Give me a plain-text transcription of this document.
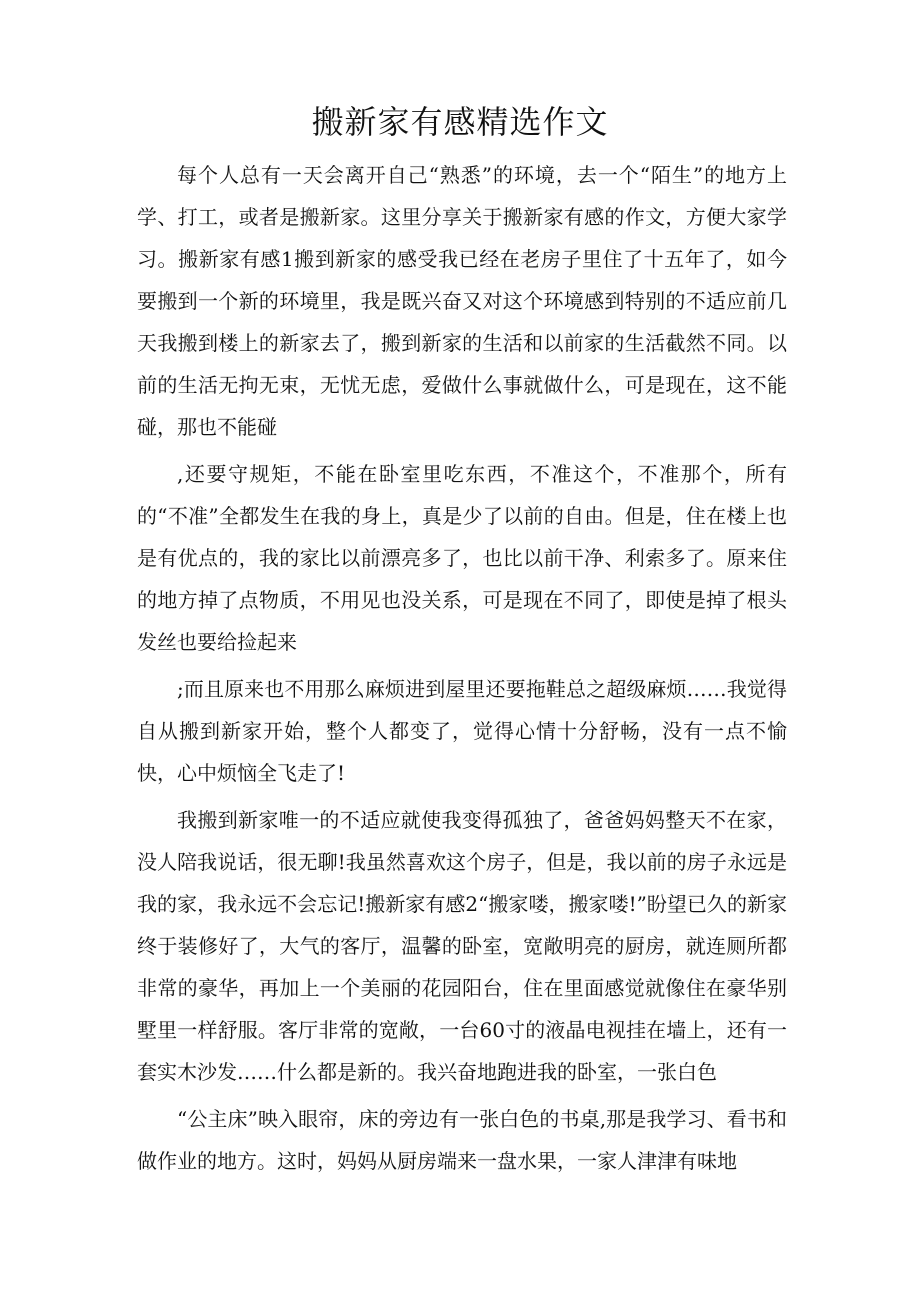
搬新家有感精选作文

每个人总有一天会离开自己“熟悉”的环境，去一个“陌生”的地方上学、打工，或者是搬新家。这里分享关于搬新家有感的作文，方便大家学习。搬新家有感1搬到新家的感受我已经在老房子里住了十五年了，如今要搬到一个新的环境里，我是既兴奋又对这个环境感到特别的不适应前几天我搬到楼上的新家去了，搬到新家的生活和以前家的生活截然不同。以前的生活无拘无束，无忧无虑，爱做什么事就做什么，可是现在，这不能碰，那也不能碰

,还要守规矩，不能在卧室里吃东西，不准这个，不准那个，所有的“不准”全都发生在我的身上，真是少了以前的自由。但是，住在楼上也是有优点的，我的家比以前漂亮多了，也比以前干净、利索多了。原来住的地方掉了点物质，不用见也没关系，可是现在不同了，即使是掉了根头发丝也要给捡起来

;而且原来也不用那么麻烦进到屋里还要拖鞋总之超级麻烦……我觉得自从搬到新家开始，整个人都变了，觉得心情十分舒畅，没有一点不愉快，心中烦恼全飞走了!

我搬到新家唯一的不适应就使我变得孤独了，爸爸妈妈整天不在家，没人陪我说话，很无聊!我虽然喜欢这个房子，但是，我以前的房子永远是我的家，我永远不会忘记!搬新家有感2“搬家喽，搬家喽!”盼望已久的新家终于装修好了，大气的客厅，温馨的卧室，宽敞明亮的厨房，就连厕所都非常的豪华，再加上一个美丽的花园阳台，住在里面感觉就像住在豪华别墅里一样舒服。客厅非常的宽敞，一台60寸的液晶电视挂在墙上，还有一套实木沙发……什么都是新的。我兴奋地跑进我的卧室，一张白色

“公主床”映入眼帘，床的旁边有一张白色的书桌,那是我学习、看书和做作业的地方。这时，妈妈从厨房端来一盘水果，一家人津津有味地
